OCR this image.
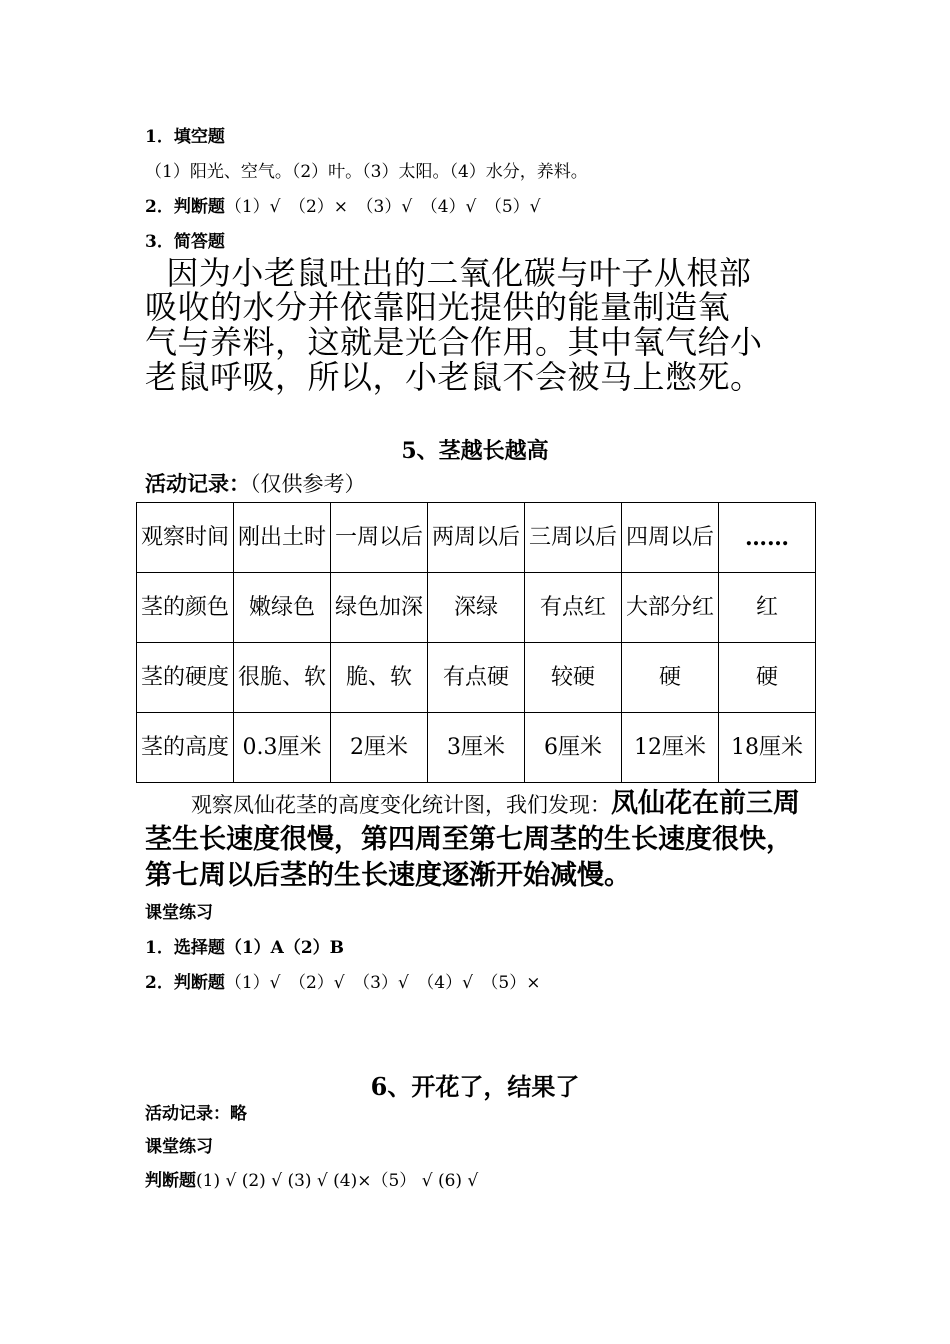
1．填空题
（1）阳光、空气。（2）叶。（3）太阳。（4）水分，养料。
2．判断题（1）√　（2）×　（3）√　（4）√　（5）√
3．简答题
因为小老鼠吐出的二氧化碳与叶子从根部
吸收的水分并依靠阳光提供的能量制造氧
气与养料，这就是光合作用。其中氧气给小
老鼠呼吸，所以，小老鼠不会被马上憋死。
5、茎越长越高
活动记录：（仅供参考）
观察时间	刚出土时	一周以后	两周以后	三周以后	四周以后	……
茎的颜色	嫩绿色	绿色加深	深绿	有点红	大部分红	红
茎的硬度	很脆、软	脆、软	有点硬	较硬	硬	硬
茎的高度	0.3厘米	2厘米	3厘米	6厘米	12厘米	18厘米
观察凤仙花茎的高度变化统计图，我们发现：凤仙花在前三周茎生长速度很慢，第四周至第七周茎的生长速度很快，第七周以后茎的生长速度逐渐开始减慢。
课堂练习
1．选择题（1）A（2）B
2．判断题（1）√　（2）√　（3）√　（4）√　（5）×
6、开花了，结果了
活动记录：略
课堂练习
判断题(1) √ (2) √ (3) √ (4)×（5） √ (6) √
